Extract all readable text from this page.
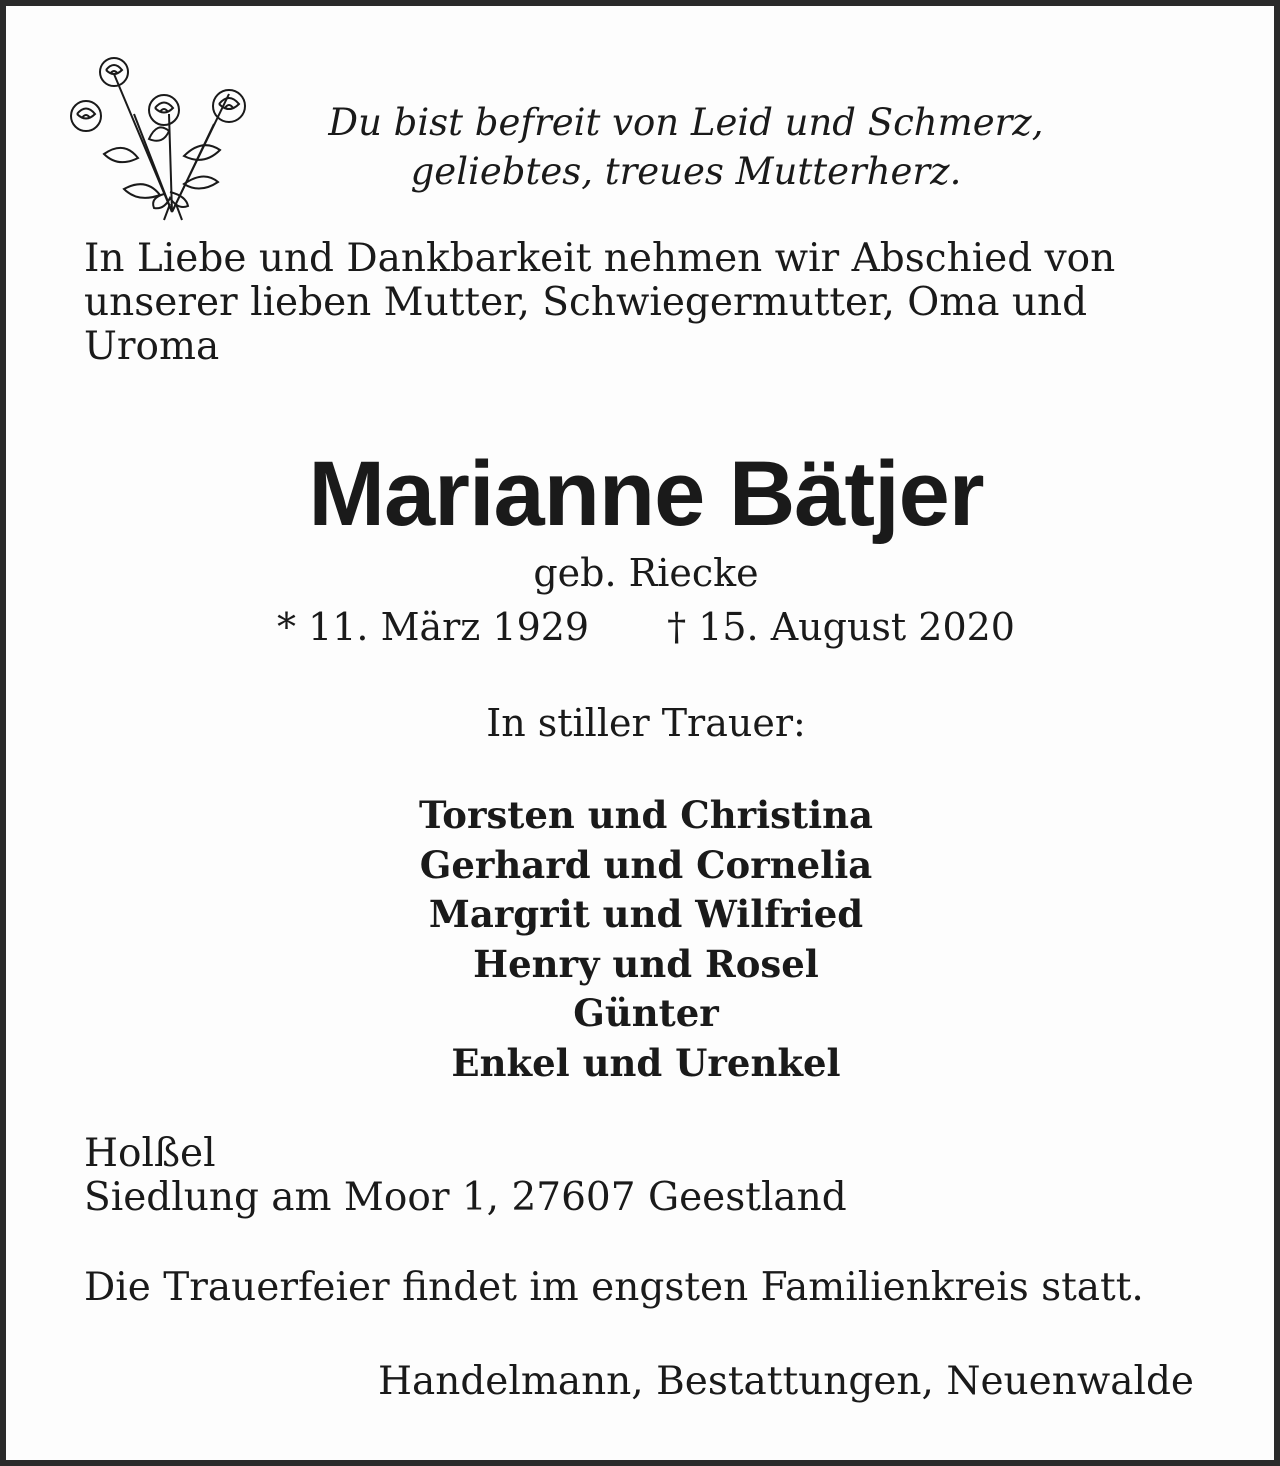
Du bist befreit von Leid und Schmerz,
geliebtes, treues Mutterherz.
In Liebe und Dankbarkeit nehmen wir Abschied von
unserer lieben Mutter, Schwiegermutter, Oma und
Uroma
Marianne Bätjer
geb. Riecke
* 11. März 1929 † 15. August 2020
In stiller Trauer:
Torsten und Christina
Gerhard und Cornelia
Margrit und Wilfried
Henry und Rosel
Günter
Enkel und Urenkel
Holßel
Siedlung am Moor 1, 27607 Geestland
Die Trauerfeier findet im engsten Familienkreis statt.
Handelmann, Bestattungen, Neuenwalde
